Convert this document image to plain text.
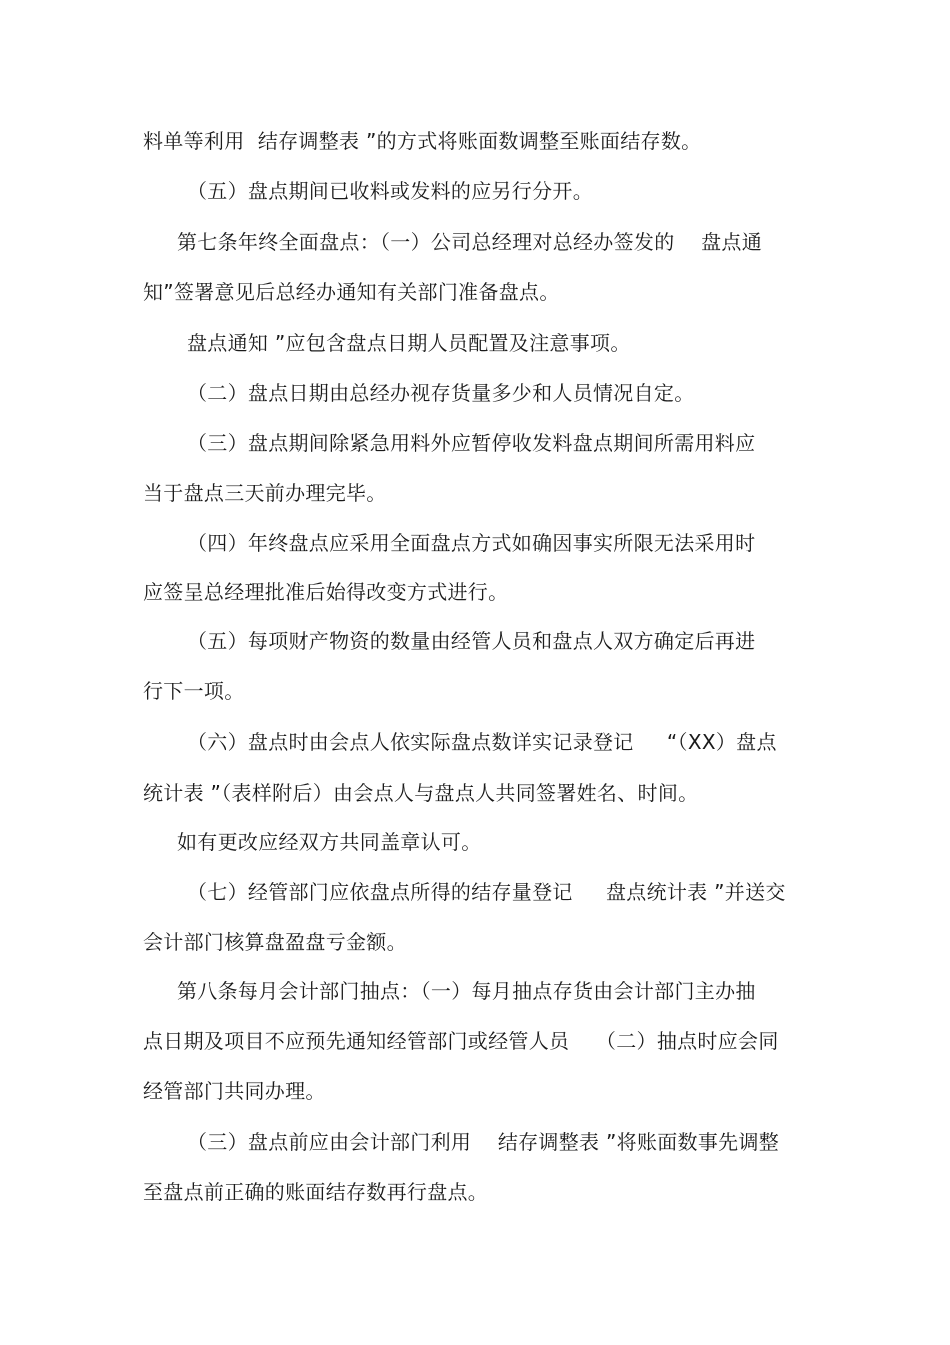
料单等利用  结存调整表 ”的方式将账面数调整至账面结存数。
（五）盘点期间已收料或发料的应另行分开。
第七条年终全面盘点：（一）公司总经理对总经办签发的    盘点通
知”签署意见后总经办通知有关部门准备盘点。
盘点通知 ”应包含盘点日期人员配置及注意事项。
（二）盘点日期由总经办视存货量多少和人员情况自定。
（三）盘点期间除紧急用料外应暂停收发料盘点期间所需用料应
当于盘点三天前办理完毕。
（四）年终盘点应采用全面盘点方式如确因事实所限无法采用时
应签呈总经理批准后始得改变方式进行。
（五）每项财产物资的数量由经管人员和盘点人双方确定后再进
行下一项。
（六）盘点时由会点人依实际盘点数详实记录登记     “（XX）盘点
统计表 ”（表样附后）由会点人与盘点人共同签署姓名、时间。
如有更改应经双方共同盖章认可。
（七）经管部门应依盘点所得的结存量登记     盘点统计表 ”并送交
会计部门核算盘盈盘亏金额。
第八条每月会计部门抽点：（一）每月抽点存货由会计部门主办抽
点日期及项目不应预先通知经管部门或经管人员    （二）抽点时应会同
经管部门共同办理。
（三）盘点前应由会计部门利用    结存调整表 ”将账面数事先调整
至盘点前正确的账面结存数再行盘点。
